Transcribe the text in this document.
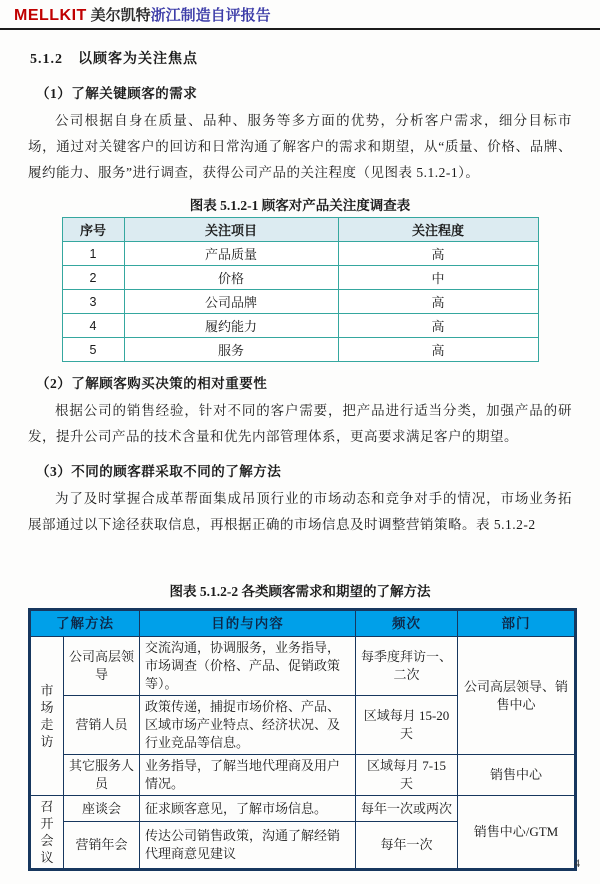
MELLKIT 美尔凯特浙江制造自评报告
5.1.2　以顾客为关注焦点
（1）了解关键顾客的需求

公司根据自身在质量、品种、服务等多方面的优势，分析客户需求，细分目标市场，通过对关键客户的回访和日常沟通了解客户的需求和期望，从“质量、价格、品牌、履约能力、服务”进行调查，获得公司产品的关注程度（见图表 5.1.2-1）。

图表 5.1.2-1 顾客对产品关注度调查表
序号	关注项目	关注程度
1	产品质量	高
2	价格	中
3	公司品牌	高
4	履约能力	高
5	服务	高
（2）了解顾客购买决策的相对重要性

根据公司的销售经验，针对不同的客户需要，把产品进行适当分类，加强产品的研发，提升公司产品的技术含量和优先内部管理体系，更高要求满足客户的期望。

（3）不同的顾客群采取不同的了解方法

为了及时掌握合成革帮面集成吊顶行业的市场动态和竞争对手的情况，市场业务拓展部通过以下途径获取信息，再根据正确的市场信息及时调整营销策略。表 5.1.2-2

图表 5.1.2-2 各类顾客需求和期望的了解方法
了解方法		目的与内容	频次	部门

市
场
走
访	公司高层领导	交流沟通，协调服务，业务指导，市场调查（价格、产品、促销政策等）。	每季度拜访一、二次	公司高层领导、销售中心
	营销人员	政策传递，捕捉市场价格、产品、区域市场产业特点、经济状况、及行业竞品等信息。	区域每月 15-20 天	
	其它服务人员	业务指导，了解当地代理商及用户情况。	区域每月 7-15 天	销售中心

召
开
会
议	座谈会	征求顾客意见，了解市场信息。	每年一次或两次	销售中心/GTM
	营销年会	传达公司销售政策，沟通了解经销代理商意见建议	每年一次	
4
